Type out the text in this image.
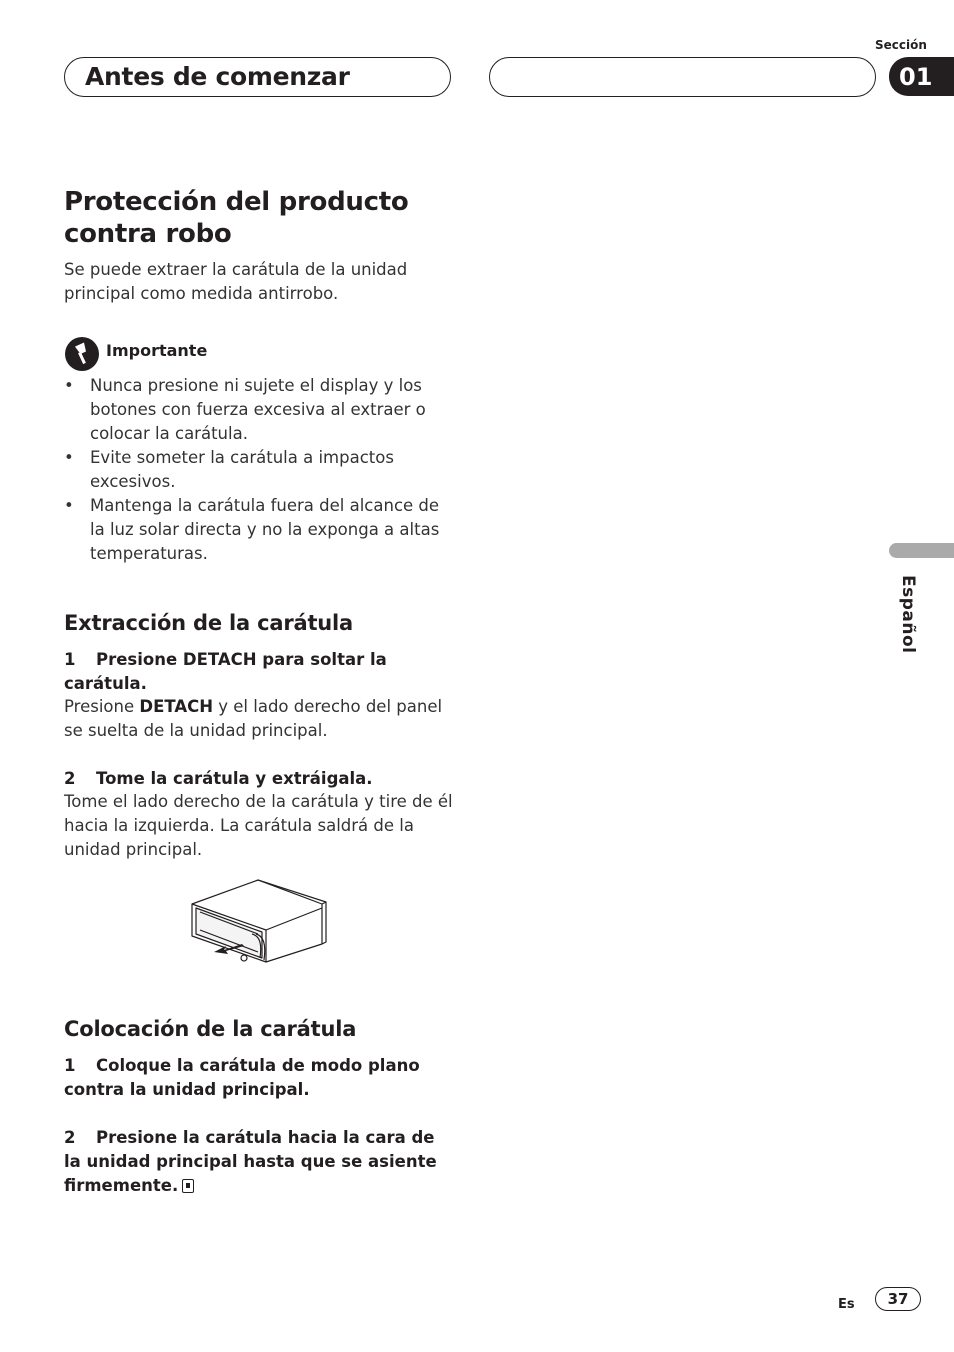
Antes de comenzar
Sección
01
Español
Protección del producto contra robo
Se puede extraer la carátula de la unidad principal como medida antirrobo.
Importante
• Nunca presione ni sujete el display y los botones con fuerza excesiva al extraer o colocar la carátula.
• Evite someter la carátula a impactos excesivos.
• Mantenga la carátula fuera del alcance de la luz solar directa y no la exponga a altas temperaturas.
Extracción de la carátula
1 Presione DETACH para soltar la carátula.
Presione DETACH y el lado derecho del panel se suelta de la unidad principal.
2 Tome la carátula y extráigala.
Tome el lado derecho de la carátula y tire de él hacia la izquierda. La carátula saldrá de la unidad principal.
Colocación de la carátula
1 Coloque la carátula de modo plano contra la unidad principal.
2 Presione la carátula hacia la cara de la unidad principal hasta que se asiente firmemente.
Es	37
